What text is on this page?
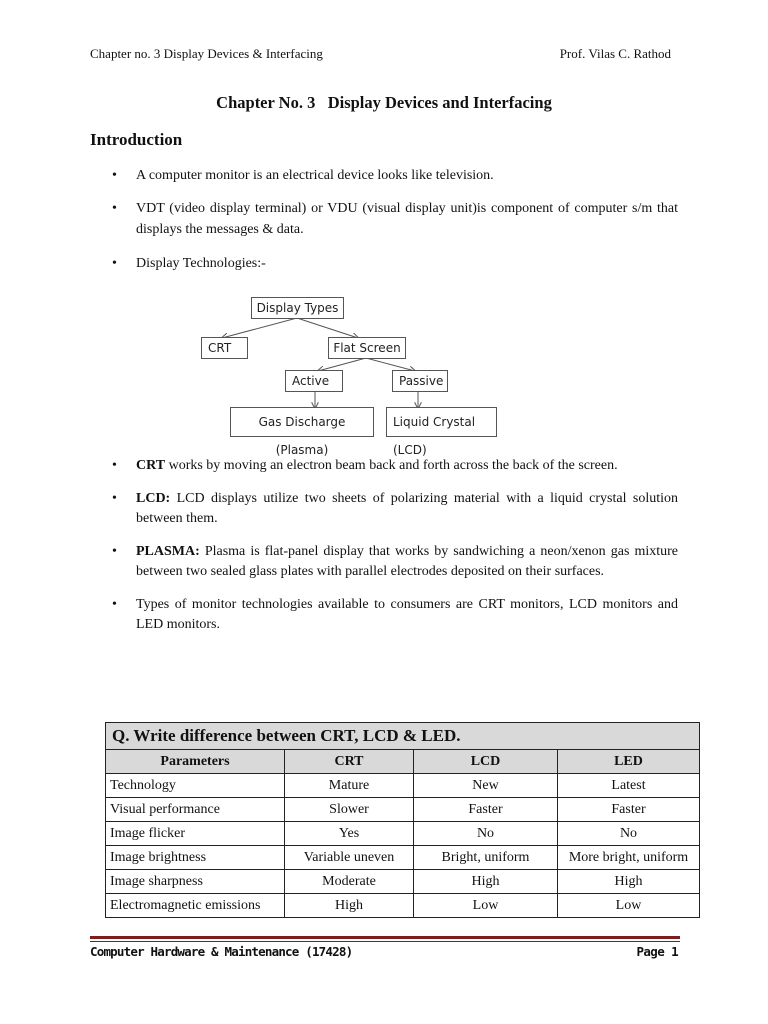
Chapter no. 3 Display Devices & Interfacing	Prof. Vilas C. Rathod
Chapter No. 3   Display Devices and Interfacing
Introduction
• A computer monitor is an electrical device looks like television.
• VDT (video display terminal) or VDU (visual display unit)is component of computer s/m that displays the messages & data.
• Display Technologies:-
Display Types
CRT	Flat Screen
Active	Passive
Gas Discharge (Plasma)
Liquid Crystal (LCD)
• CRT works by moving an electron beam back and forth across the back of the screen.
• LCD: LCD displays utilize two sheets of polarizing material with a liquid crystal solution between them.
• PLASMA: Plasma is flat-panel display that works by sandwiching a neon/xenon gas mixture between two sealed glass plates with parallel electrodes deposited on their surfaces.
• Types of monitor technologies available to consumers are CRT monitors, LCD monitors and LED monitors.
Q. Write difference between CRT, LCD & LED.			
Parameters	CRT	LCD	LED
Technology	Mature	New	Latest
Visual performance	Slower	Faster	Faster
Image flicker	Yes	No	No
Image brightness	Variable uneven	Bright, uniform	More bright, uniform
Image sharpness	Moderate	High	High
Electromagnetic emissions	High	Low	Low
Computer Hardware & Maintenance (17428)	Page 1
